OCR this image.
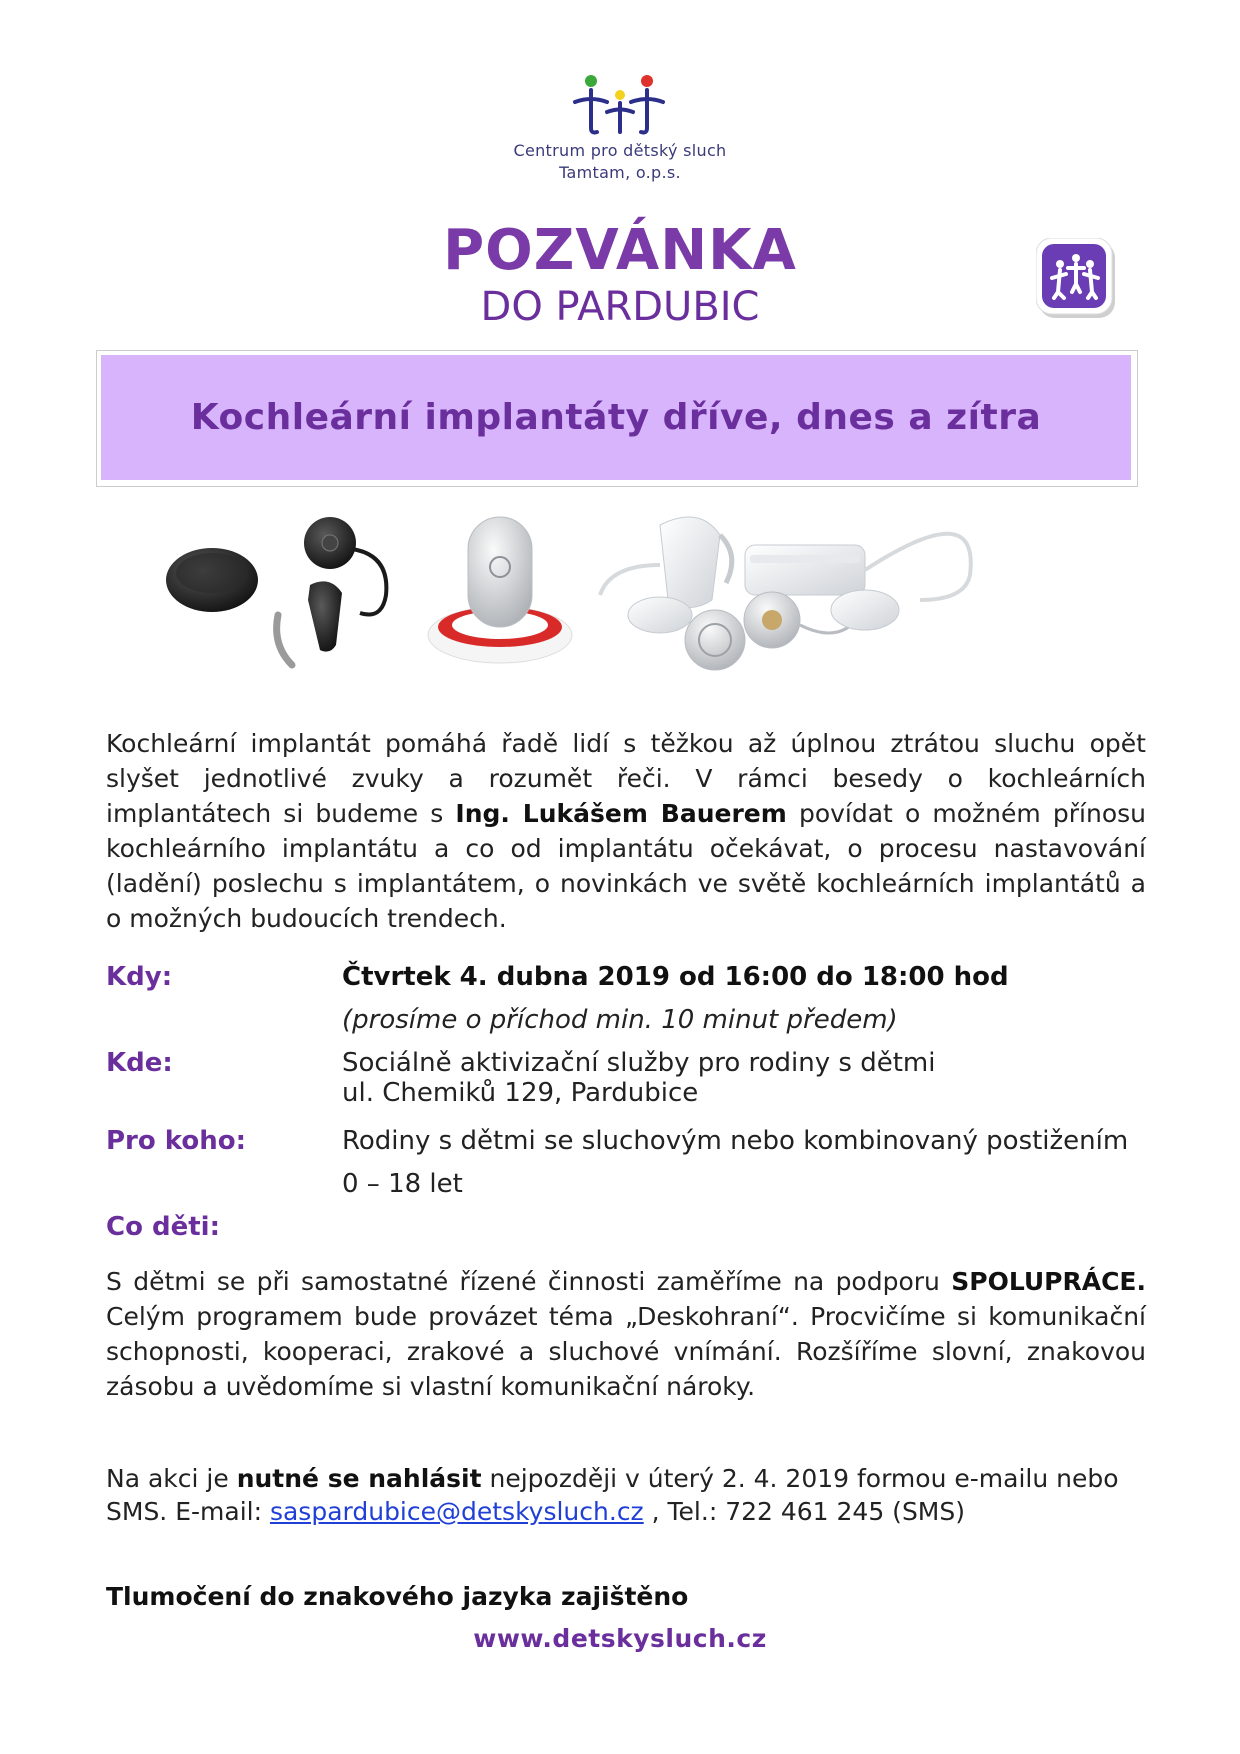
Centrum pro dětský sluch
Tamtam, o.p.s.
POZVÁNKA
DO PARDUBIC
Kochleární implantáty dříve, dnes a zítra
Kochleární implantát pomáhá řadě lidí s těžkou až úplnou ztrátou sluchu opět slyšet jednotlivé zvuky a rozumět řeči. V rámci besedy o kochleárních implantátech si budeme s Ing. Lukášem Bauerem povídat o možném přínosu kochleárního implantátu a co od implantátu očekávat, o procesu nastavování (ladění) poslechu s implantátem, o novinkách ve světě kochleárních implantátů a o možných budoucích trendech.
Kdy:	Čtvrtek 4. dubna 2019 od 16:00 do 18:00 hod
(prosíme o příchod min. 10 minut předem)
Kde:	Sociálně aktivizační služby pro rodiny s dětmi
ul. Chemiků 129, Pardubice
Pro koho:	Rodiny s dětmi se sluchovým nebo kombinovaný postižením
0 – 18 let
Co děti:
S dětmi se při samostatné řízené činnosti zaměříme na podporu SPOLUPRÁCE. Celým programem bude provázet téma „Deskohraní“. Procvičíme si komunikační schopnosti, kooperaci, zrakové a sluchové vnímání. Rozšíříme slovní, znakovou zásobu a uvědomíme si vlastní komunikační nároky.
Na akci je nutné se nahlásit nejpozději v úterý 2. 4. 2019 formou e-mailu nebo SMS. E-mail: saspardubice@detskysluch.cz , Tel.: 722 461 245 (SMS)
Tlumočení do znakového jazyka zajištěno
www.detskysluch.cz
